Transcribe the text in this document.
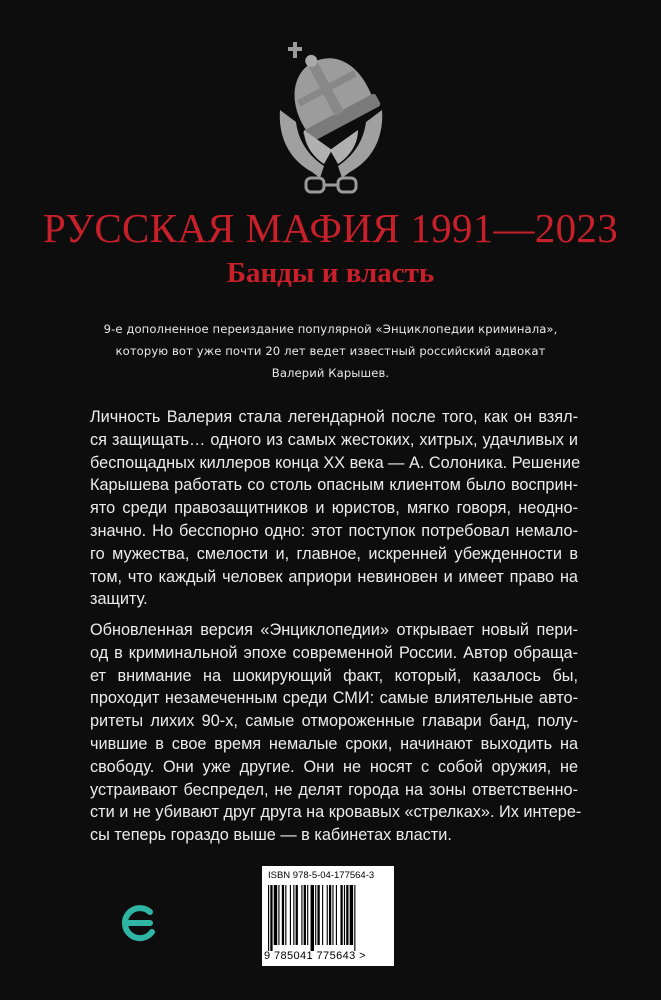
РУССКАЯ МАФИЯ 1991—2023
Банды и власть
9-е дополненное переиздание популярной «Энциклопедии криминала»,
которую вот уже почти 20 лет ведет известный российский адвокат
Валерий Карышев.
Личность Валерия стала легендарной после того, как он взял-
ся защищать… одного из самых жестоких, хитрых, удачливых и
беспощадных киллеров конца XX века — А. Солоника. Решение
Карышева работать со столь опасным клиентом было восприн-
ято среди правозащитников и юристов, мягко говоря, неодно-
значно. Но бесспорно одно: этот поступок потребовал немало-
го мужества, смелости и, главное, искренней убежденности в
том, что каждый человек априори невиновен и имеет право на
защиту.
Обновленная версия «Энциклопедии» открывает новый пери-
од в криминальной эпохе современной России. Автор обраща-
ет внимание на шокирующий факт, который, казалось бы,
проходит незамеченным среди СМИ: самые влиятельные авто-
ритеты лихих 90-х, самые отмороженные главари банд, полу-
чившие в свое время немалые сроки, начинают выходить на
свободу. Они уже другие. Они не носят с собой оружия, не
устраивают беспредел, не делят города на зоны ответственно-
сти и не убивают друг друга на кровавых «стрелках». Их интере-
сы теперь гораздо выше — в кабинетах власти.
ISBN 978-5-04-177564-3
9 785041 775643 >
